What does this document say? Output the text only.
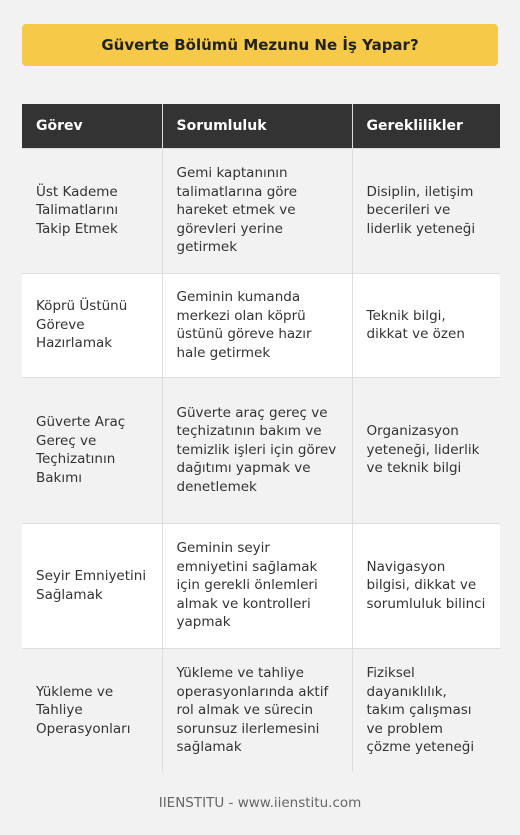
Güverte Bölümü Mezunu Ne İş Yapar?
Görev	Sorumluluk	Gereklilikler
Üst Kademe Talimatlarını Takip Etmek	Gemi kaptanının talimatlarına göre hareket etmek ve görevleri yerine getirmek	Disiplin, iletişim becerileri ve liderlik yeteneği
Köprü Üstünü Göreve Hazırlamak	Geminin kumanda merkezi olan köprü üstünü göreve hazır hale getirmek	Teknik bilgi, dikkat ve özen
Güverte Araç Gereç ve Teçhizatının Bakımı	Güverte araç gereç ve teçhizatının bakım ve temizlik işleri için görev dağıtımı yapmak ve denetlemek	Organizasyon yeteneği, liderlik ve teknik bilgi
Seyir Emniyetini Sağlamak	Geminin seyir emniyetini sağlamak için gerekli önlemleri almak ve kontrolleri yapmak	Navigasyon bilgisi, dikkat ve sorumluluk bilinci
Yükleme ve Tahliye Operasyonları	Yükleme ve tahliye operasyonlarında aktif rol almak ve sürecin sorunsuz ilerlemesini sağlamak	Fiziksel dayanıklılık, takım çalışması ve problem çözme yeteneği
IIENSTITU - www.iienstitu.com
